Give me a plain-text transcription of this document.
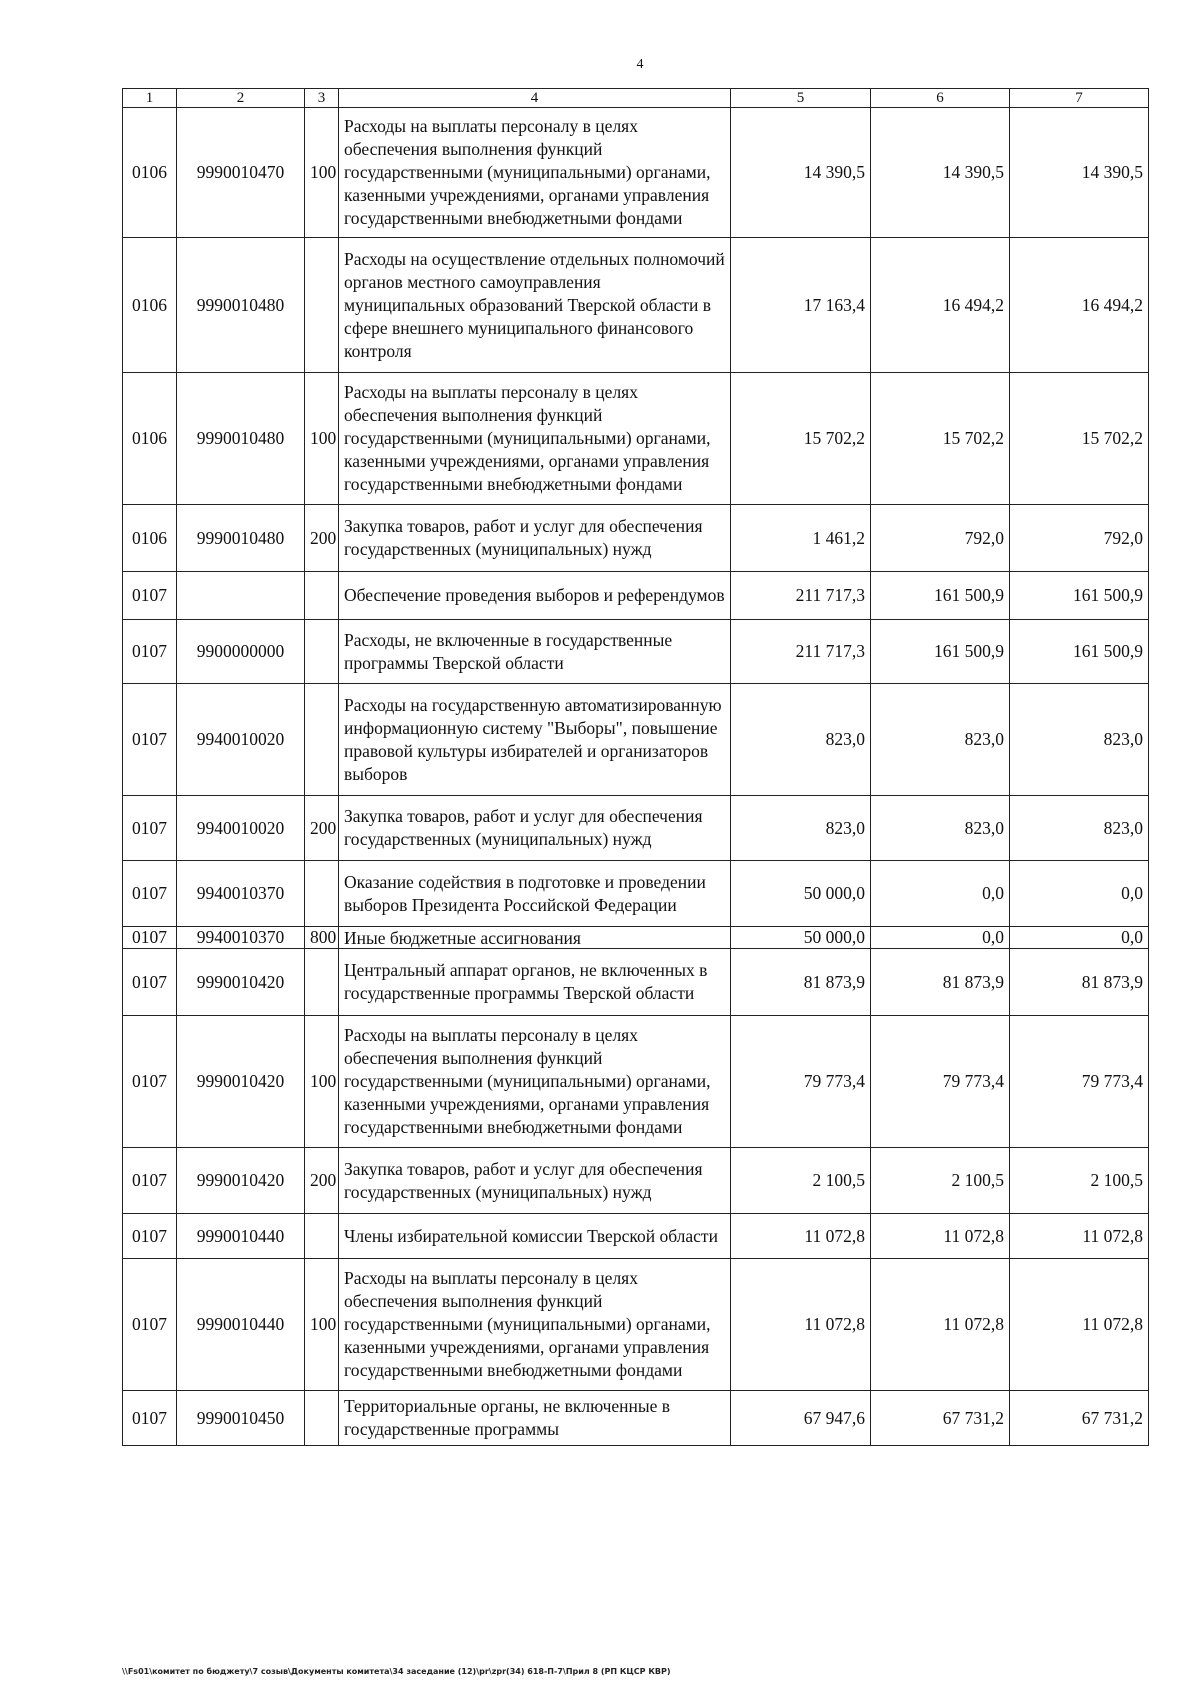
4
1	2	3	4	5	6	7
0106	9990010470	100	Расходы на выплаты персоналу в целях обеспечения выполнения функций государственными (муниципальными) органами, казенными учреждениями, органами управления государственными внебюджетными фондами	14 390,5	14 390,5	14 390,5
0106	9990010480		Расходы на осуществление отдельных полномочий органов местного самоуправления муниципальных образований Тверской области в сфере внешнего муниципального финансового контроля	17 163,4	16 494,2	16 494,2
0106	9990010480	100	Расходы на выплаты персоналу в целях обеспечения выполнения функций государственными (муниципальными) органами, казенными учреждениями, органами управления государственными внебюджетными фондами	15 702,2	15 702,2	15 702,2
0106	9990010480	200	Закупка товаров, работ и услуг для обеспечения государственных (муниципальных) нужд	1 461,2	792,0	792,0
0107			Обеспечение проведения выборов и референдумов	211 717,3	161 500,9	161 500,9
0107	9900000000		Расходы, не включенные в государственные программы Тверской области	211 717,3	161 500,9	161 500,9
0107	9940010020		Расходы на государственную автоматизированную информационную систему "Выборы", повышение правовой культуры избирателей и организаторов выборов	823,0	823,0	823,0
0107	9940010020	200	Закупка товаров, работ и услуг для обеспечения государственных (муниципальных) нужд	823,0	823,0	823,0
0107	9940010370		Оказание содействия в подготовке и проведении выборов Президента Российской Федерации	50 000,0	0,0	0,0
0107	9940010370	800	Иные бюджетные ассигнования	50 000,0	0,0	0,0
0107	9990010420		Центральный аппарат органов, не включенных в государственные программы Тверской области	81 873,9	81 873,9	81 873,9
0107	9990010420	100	Расходы на выплаты персоналу в целях обеспечения выполнения функций государственными (муниципальными) органами, казенными учреждениями, органами управления государственными внебюджетными фондами	79 773,4	79 773,4	79 773,4
0107	9990010420	200	Закупка товаров, работ и услуг для обеспечения государственных (муниципальных) нужд	2 100,5	2 100,5	2 100,5
0107	9990010440		Члены избирательной комиссии Тверской области	11 072,8	11 072,8	11 072,8
0107	9990010440	100	Расходы на выплаты персоналу в целях обеспечения выполнения функций государственными (муниципальными) органами, казенными учреждениями, органами управления государственными внебюджетными фондами	11 072,8	11 072,8	11 072,8
0107	9990010450		Территориальные органы, не включенные в государственные программы	67 947,6	67 731,2	67 731,2
\\Fs01\комитет по бюджету\7 созыв\Документы комитета\34 заседание (12)\pr\zpr(34) 618-П-7\Прил 8 (РП КЦСР КВР)
